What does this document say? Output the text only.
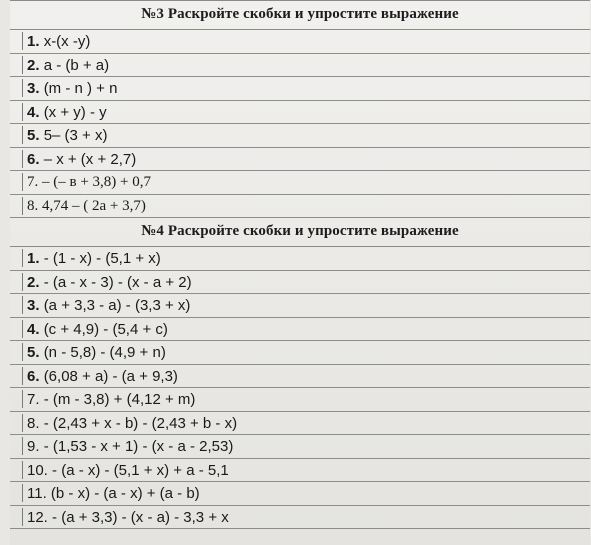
№3 Раскройте скобки и упростите выражение
1. x-(x -y)
2. a - (b + a)
3. (m - n ) + n
4. (x + y) - y
5. 5– (3 + x)
6. – x + (x + 2,7)
7. – (– в + 3,8) + 0,7
8. 4,74 – ( 2a + 3,7)
№4 Раскройте скобки и упростите выражение
1. - (1 - x) - (5,1 + x)
2. - (a - x - 3) - (x - a + 2)
3. (a + 3,3 - a) - (3,3 + x)
4. (c + 4,9) - (5,4 + c)
5. (n - 5,8) - (4,9 + n)
6. (6,08 + a) - (a + 9,3)
7. - (m - 3,8) + (4,12 + m)
8. - (2,43 + x - b) - (2,43 + b - x)
9. - (1,53 - x + 1) - (x - a - 2,53)
10. - (a - x) - (5,1 + x) + a - 5,1
11. (b - x) - (a - x) + (a - b)
12. - (a + 3,3) - (x - a) - 3,3 + x
